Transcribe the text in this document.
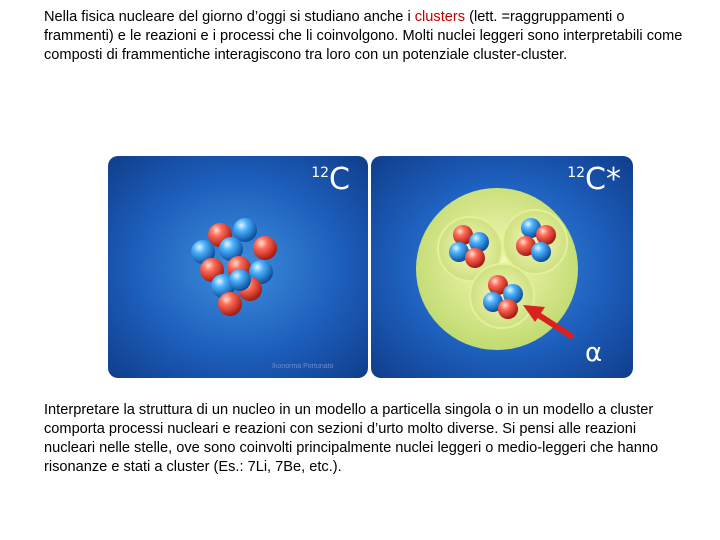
Nella fisica nucleare del giorno d’oggi si studiano anche i clusters (lett. =raggruppamenti o frammenti) e le reazioni e i processi che li coinvolgono. Molti nuclei leggeri sono interpretabili come composti di frammentiche interagiscono tra loro con un potenziale cluster-cluster.

$^{12}$C
Ikonorma Portunato
$^{12}$C*
α

Interpretare la struttura di un nucleo in un modello a particella singola o in un modello a cluster comporta processi nucleari e reazioni con sezioni d’urto molto diverse. Si pensi alle reazioni nucleari nelle stelle, ove sono coinvolti principalmente nuclei leggeri o medio-leggeri che hanno risonanze e stati a cluster (Es.: 7Li, 7Be, etc.).
